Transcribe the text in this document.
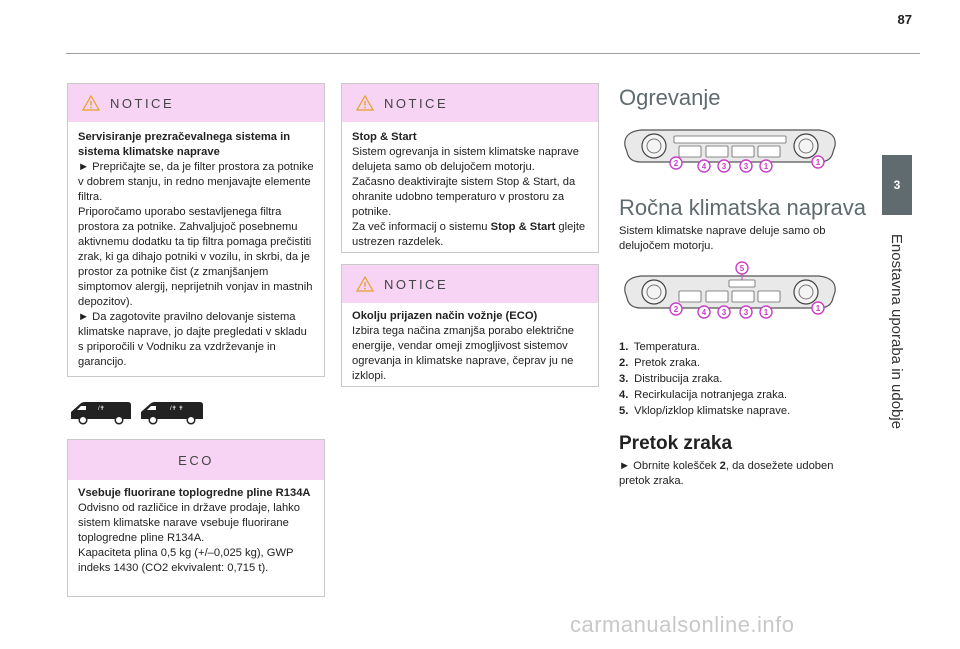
87
3
Enostavna uporaba in udobje
NOTICE

Servisiranje prezračevalnega sistema in sistema klimatske naprave

► Prepričajte se, da je filter prostora za potnike v dobrem stanju, in redno menjavajte elemente filtra.

Priporočamo uporabo sestavljenega filtra prostora za potnike. Zahvaljujoč posebnemu aktivnemu dodatku ta tip filtra pomaga prečistiti zrak, ki ga dihajo potniki v vozilu, in skrbi, da je prostor za potnike čist (z zmanjšanjem simptomov alergij, neprijetnih vonjav in mastnih depozitov).

► Da zagotovite pravilno delovanje sistema klimatske naprave, jo dajte pregledati v skladu s priporočili v Vodniku za vzdrževanje in garancijo.

/✝	/✝ ✝
ECO

Vsebuje fluorirane toplogredne pline R134A

Odvisno od različice in države prodaje, lahko sistem klimatske narave vsebuje fluorirane toplogredne pline R134A.

Kapaciteta plina 0,5 kg (+/–0,025 kg), GWP indeks 1430 (CO2 ekvivalent: 0,715 t).

NOTICE

Stop & Start

Sistem ogrevanja in sistem klimatske naprave delujeta samo ob delujočem motorju.

Začasno deaktivirajte sistem Stop & Start, da ohranite udobno temperaturo v prostoru za potnike.

Za več informacij o sistemu Stop & Start glejte ustrezen razdelek.

NOTICE

Okolju prijazen način vožnje (ECO)

Izbira tega načina zmanjša porabo električne energije, vendar omeji zmogljivost sistemov ogrevanja in klimatske naprave, čeprav ju ne izklopi.

Ogrevanje
2	4 3 3 1	1
Ročna klimatska naprava
Sistem klimatske naprave deluje samo ob delujočem motorju.
5
2	4 3 3 1	1
1. Temperatura.
2. Pretok zraka.
3. Distribucija zraka.
4. Recirkulacija notranjega zraka.
5. Vklop/izklop klimatske naprave.
Pretok zraka
► Obrnite kolešček 2, da dosežete udoben pretok zraka.
carmanualsonline.info
